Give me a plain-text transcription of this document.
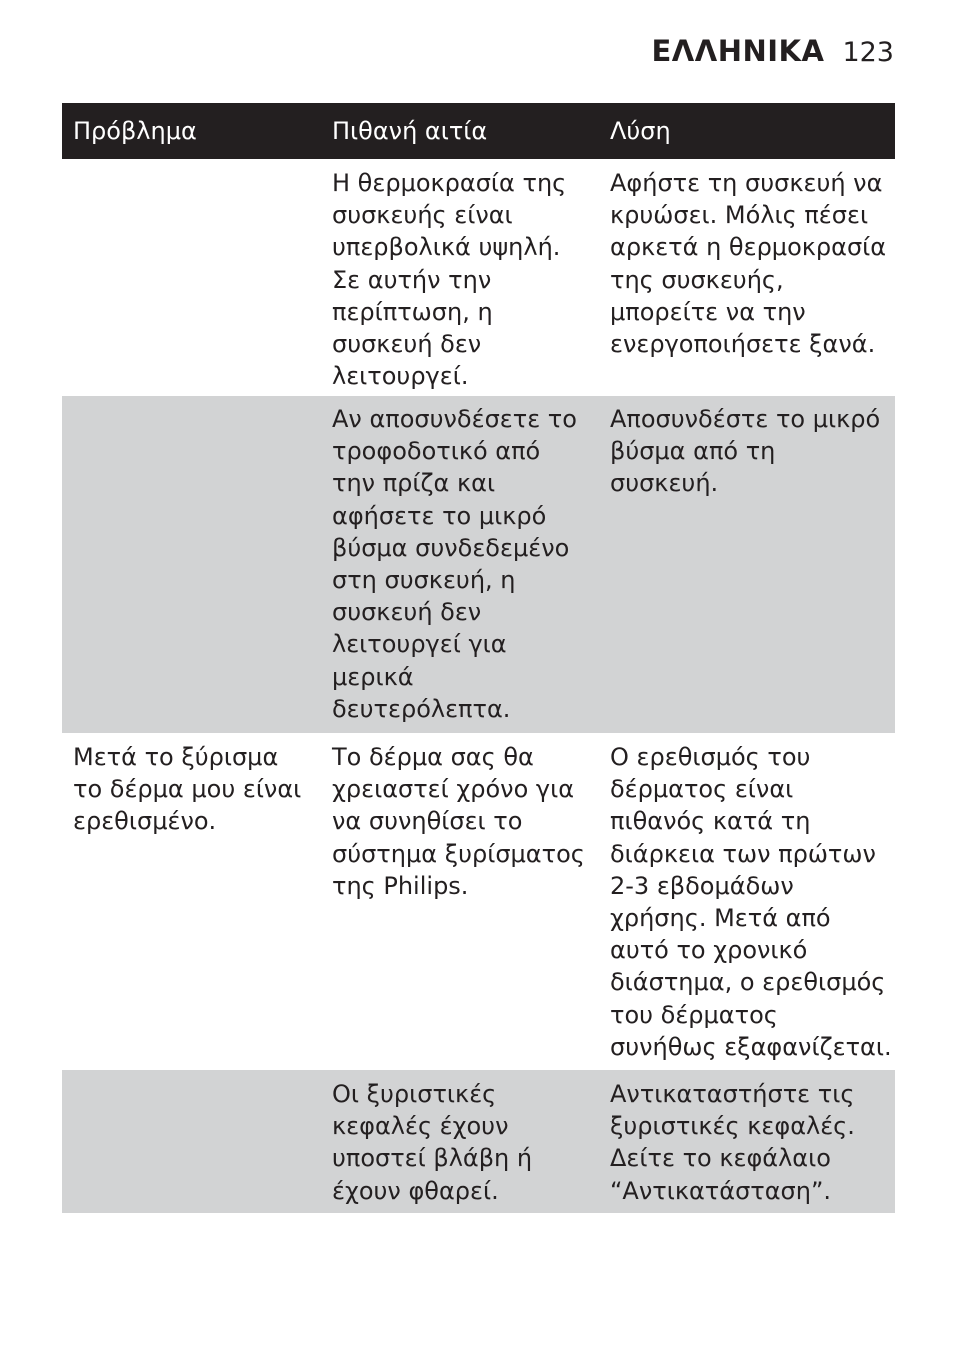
ΕΛΛΗΝΙΚΑ 123
Πρόβλημα	Πιθανή αιτία	Λύση
Η θερμοκρασία της
συσκευής είναι
υπερβολικά υψηλή.
Σε αυτήν την
περίπτωση, η
συσκευή δεν
λειτουργεί.
Αφήστε τη συσκευή να
κρυώσει. Μόλις πέσει
αρκετά η θερμοκρασία
της συσκευής,
μπορείτε να την
ενεργοποιήσετε ξανά.
Αν αποσυνδέσετε το
τροφοδοτικό από
την πρίζα και
αφήσετε το μικρό
βύσμα συνδεδεμένο
στη συσκευή, η
συσκευή δεν
λειτουργεί για
μερικά
δευτερόλεπτα.
Αποσυνδέστε το μικρό
βύσμα από τη
συσκευή.
Μετά το ξύρισμα
το δέρμα μου είναι
ερεθισμένο.
Το δέρμα σας θα
χρειαστεί χρόνο για
να συνηθίσει το
σύστημα ξυρίσματος
της Philips.
Ο ερεθισμός του
δέρματος είναι
πιθανός κατά τη
διάρκεια των πρώτων
2-3 εβδομάδων
χρήσης. Μετά από
αυτό το χρονικό
διάστημα, ο ερεθισμός
του δέρματος
συνήθως εξαφανίζεται.
Οι ξυριστικές
κεφαλές έχουν
υποστεί βλάβη ή
έχουν φθαρεί.
Αντικαταστήστε τις
ξυριστικές κεφαλές.
Δείτε το κεφάλαιο
“Αντικατάσταση”.
